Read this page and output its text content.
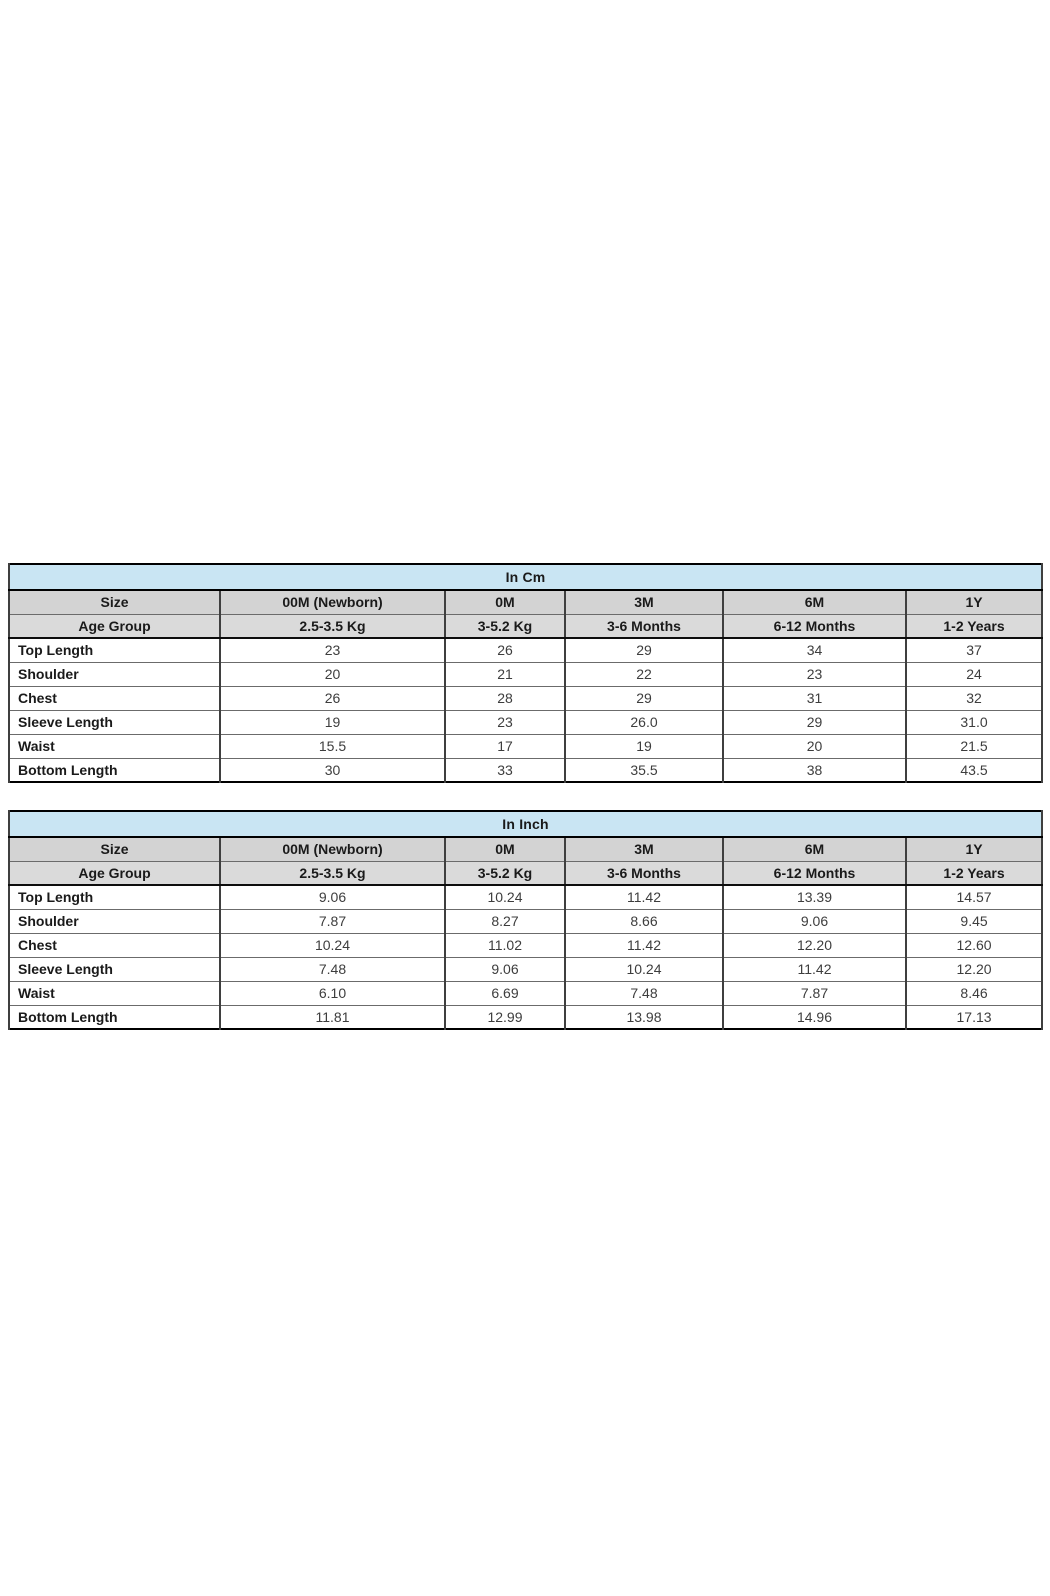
In Cm					
Size	00M (Newborn)	0M	3M	6M	1Y
Age Group	2.5-3.5 Kg	3-5.2 Kg	3-6 Months	6-12 Months	1-2 Years
Top Length	23	26	29	34	37
Shoulder	20	21	22	23	24
Chest	26	28	29	31	32
Sleeve Length	19	23	26.0	29	31.0
Waist	15.5	17	19	20	21.5
Bottom Length	30	33	35.5	38	43.5
In Inch					
Size	00M (Newborn)	0M	3M	6M	1Y
Age Group	2.5-3.5 Kg	3-5.2 Kg	3-6 Months	6-12 Months	1-2 Years
Top Length	9.06	10.24	11.42	13.39	14.57
Shoulder	7.87	8.27	8.66	9.06	9.45
Chest	10.24	11.02	11.42	12.20	12.60
Sleeve Length	7.48	9.06	10.24	11.42	12.20
Waist	6.10	6.69	7.48	7.87	8.46
Bottom Length	11.81	12.99	13.98	14.96	17.13
